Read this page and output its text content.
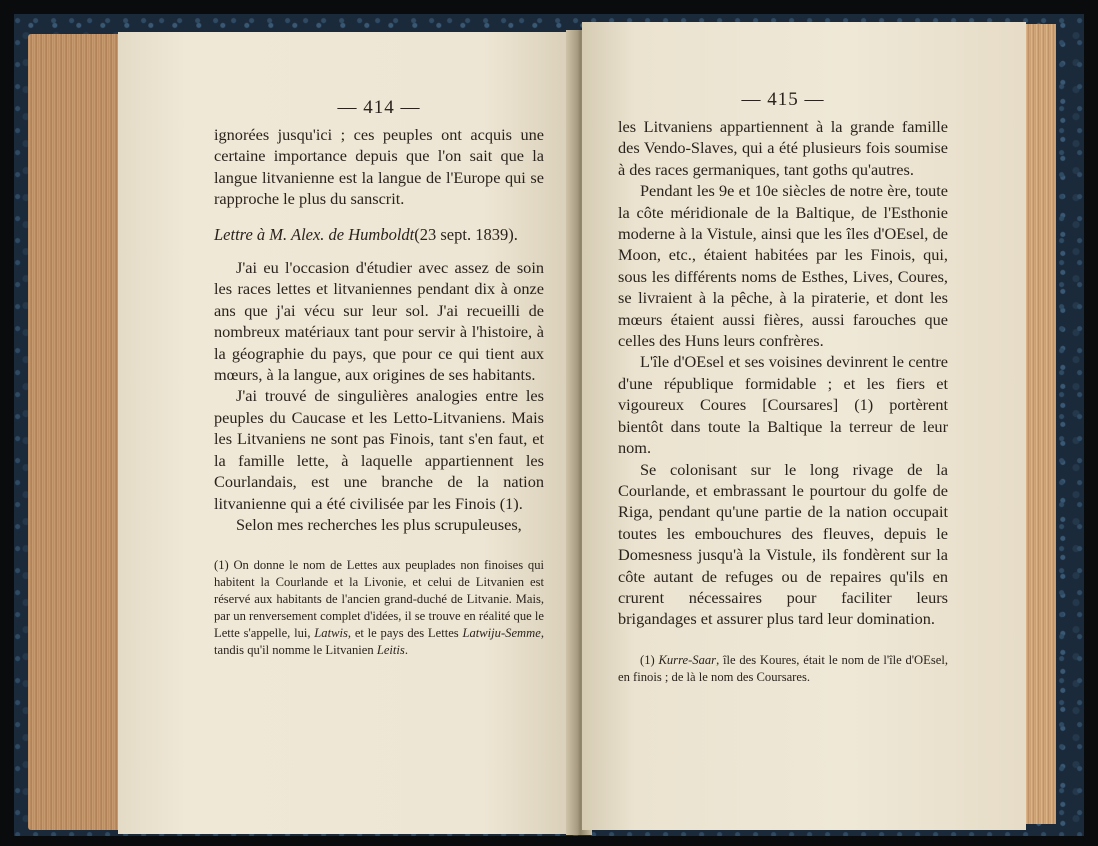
— 414 —

ignorées jusqu'ici ; ces peuples ont acquis une certaine importance depuis que l'on sait que la langue litvanienne est la langue de l'Europe qui se rapproche le plus du sanscrit.

Lettre à M. Alex. de Humboldt(23 sept. 1839).

J'ai eu l'occasion d'étudier avec assez de soin les races lettes et litvaniennes pendant dix à onze ans que j'ai vécu sur leur sol. J'ai recueilli de nombreux matériaux tant pour servir à l'histoire, à la géographie du pays, que pour ce qui tient aux mœurs, à la langue, aux origines de ses habitants.

J'ai trouvé de singulières analogies entre les peuples du Caucase et les Letto-Litvaniens. Mais les Litvaniens ne sont pas Finois, tant s'en faut, et la famille lette, à laquelle appartiennent les Courlandais, est une branche de la nation litvanienne qui a été civilisée par les Finois (1).

Selon mes recherches les plus scrupuleuses,

(1) On donne le nom de Lettes aux peuplades non finoises qui habitent la Courlande et la Livonie, et celui de Litvanien est réservé aux habitants de l'ancien grand-duché de Litvanie. Mais, par un renversement complet d'idées, il se trouve en réalité que le Lette s'appelle, lui, Latwis, et le pays des Lettes Latwiju-Semme, tandis qu'il nomme le Litvanien Leitis.

— 415 —

les Litvaniens appartiennent à la grande famille des Vendo-Slaves, qui a été plusieurs fois soumise à des races germaniques, tant goths qu'autres.

Pendant les 9e et 10e siècles de notre ère, toute la côte méridionale de la Baltique, de l'Esthonie moderne à la Vistule, ainsi que les îles d'OEsel, de Moon, etc., étaient habitées par les Finois, qui, sous les différents noms de Esthes, Lives, Coures, se livraient à la pêche, à la piraterie, et dont les mœurs étaient aussi fières, aussi farouches que celles des Huns leurs confrères.

L'île d'OEsel et ses voisines devinrent le centre d'une république formidable ; et les fiers et vigoureux Coures [Coursares] (1) portèrent bientôt dans toute la Baltique la terreur de leur nom.

Se colonisant sur le long rivage de la Courlande, et embrassant le pourtour du golfe de Riga, pendant qu'une partie de la nation occupait toutes les embouchures des fleuves, depuis le Domesness jusqu'à la Vistule, ils fondèrent sur la côte autant de refuges ou de repaires qu'ils en crurent nécessaires pour faciliter leurs brigandages et assurer plus tard leur domination.

(1) Kurre-Saar, île des Koures, était le nom de l'île d'OEsel, en finois ; de là le nom des Coursares.
